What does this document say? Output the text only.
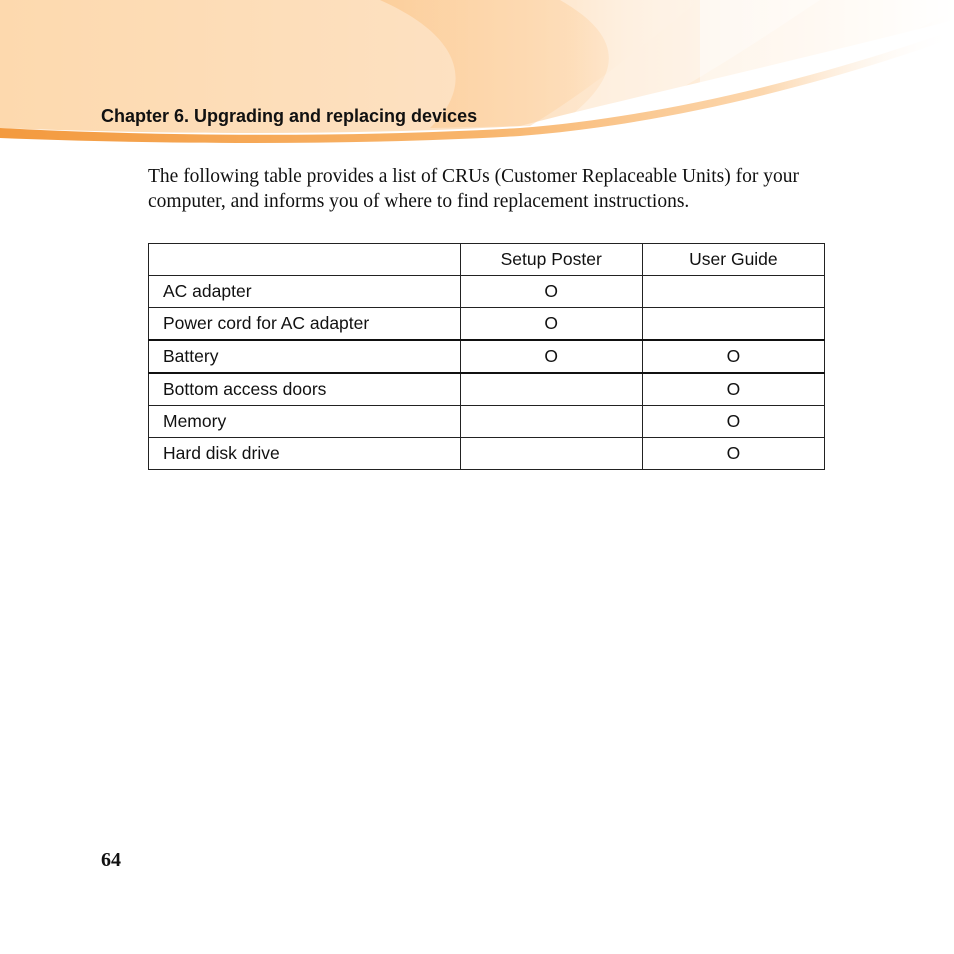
Chapter 6. Upgrading and replacing devices

The following table provides a list of CRUs (Customer Replaceable Units) for your computer, and informs you of where to find replacement instructions.

	Setup Poster	User Guide
AC adapter	O	
Power cord for AC adapter	O	
Battery	O	O
Bottom access doors		O
Memory		O
Hard disk drive		O
64
